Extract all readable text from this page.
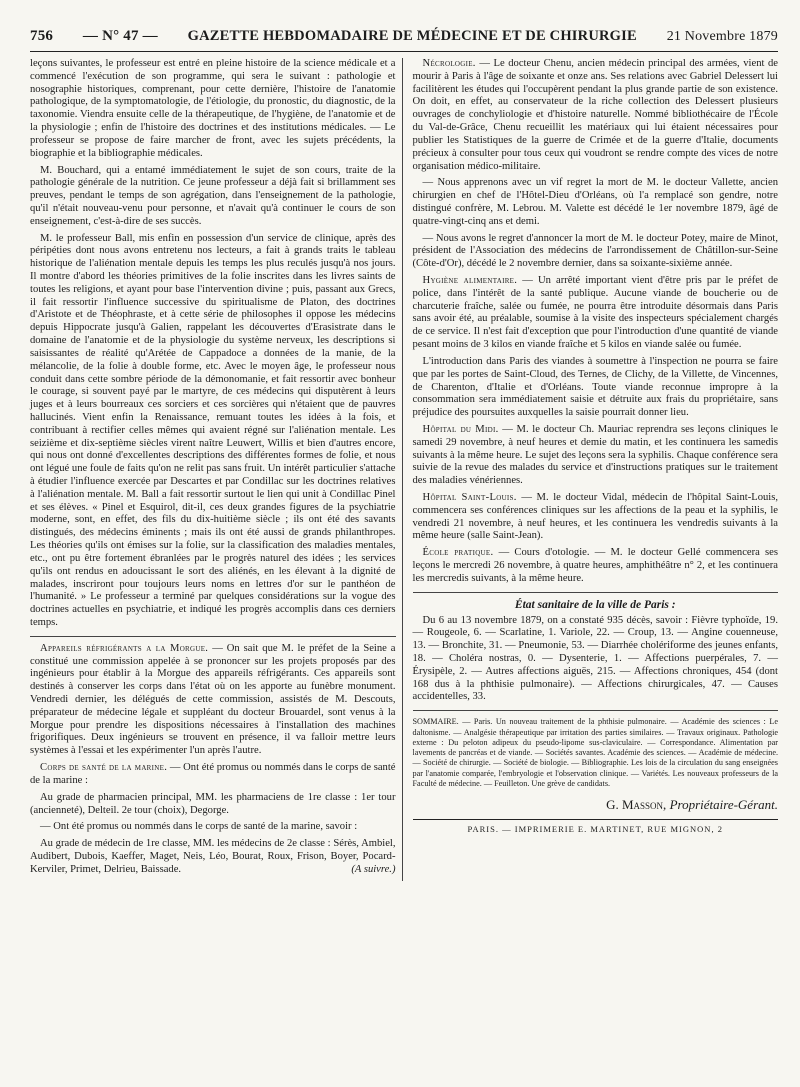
756 — N° 47 — GAZETTE HEBDOMADAIRE DE MÉDECINE ET DE CHIRURGIE 21 Novembre 1879

leçons suivantes, le professeur est entré en pleine histoire de la science médicale et a commencé l'exécution de son programme, qui sera le suivant : pathologie et nosographie historiques, comprenant, pour cette dernière, l'histoire de l'anatomie pathologique, de la symptomatologie, de l'étiologie, du pronostic, du diagnostic, de la taxonomie. Viendra ensuite celle de la thérapeutique, de l'hygiène, de l'anatomie et de la physiologie ; enfin de l'histoire des doctrines et des institutions médicales. — Le professeur se propose de faire marcher de front, avec les sujets précédents, la biographie et la bibliographie médicales.

M. Bouchard, qui a entamé immédiatement le sujet de son cours, traite de la pathologie générale de la nutrition. Ce jeune professeur a déjà fait si brillamment ses preuves, pendant le temps de son agrégation, dans l'enseignement de la pathologie, qu'il n'était nouveau-venu pour personne, et n'avait qu'à continuer le cours de son enseignement, c'est-à-dire de ses succès.

M. le professeur Ball, mis enfin en possession d'un service de clinique, après des péripéties dont nous avons entretenu nos lecteurs, a fait à grands traits le tableau historique de l'aliénation mentale depuis les temps les plus reculés jusqu'à nos jours. Il montre d'abord les théories primitives de la folie inscrites dans les livres saints de toutes les religions, et ayant pour base l'intervention divine ; puis, passant aux Grecs, il fait ressortir l'influence successive du spiritualisme de Platon, des doctrines d'Aristote et de Théophraste, et à cette série de philosophes il oppose les médecins depuis Hippocrate jusqu'à Galien, rappelant les découvertes d'Erasistrate dans le domaine de l'anatomie et de la physiologie du système nerveux, les descriptions si saisissantes de réalité qu'Arétée de Cappadoce a données de la manie, de la mélancolie, de la folie à double forme, etc. Avec le moyen âge, le professeur nous conduit dans cette sombre période de la démonomanie, et fait ressortir avec bonheur le courage, si souvent payé par le martyre, de ces médecins qui disputèrent à leurs juges et à leurs bourreaux ces sorciers et ces sorcières qui n'étaient que de pauvres hallucinés. Vient enfin la Renaissance, remuant toutes les idées à la fois, et contribuant à rectifier celles mêmes qui avaient régné sur l'aliénation mentale. Les seizième et dix-septième siècles virent naître Leuwert, Willis et bien d'autres encore, qui nous ont donné d'excellentes descriptions des différentes formes de folie, et nous ont légué une foule de faits qu'on ne relit pas sans fruit. Un intérêt particulier s'attache à étudier l'influence exercée par Descartes et par Condillac sur les doctrines relatives à l'aliénation mentale. M. Ball a fait ressortir surtout le lien qui unit à Condillac Pinel et ses élèves. « Pinel et Esquirol, dit-il, ces deux grandes figures de la psychiatrie moderne, sont, en effet, des fils du dix-huitième siècle ; ils ont été des savants distingués, des médecins éminents ; mais ils ont été aussi de grands philanthropes. Les théories qu'ils ont émises sur la folie, sur la classification des maladies mentales, etc., ont pu être fortement ébranlées par le progrès naturel des idées ; les services qu'ils ont rendus en adoucissant le sort des aliénés, en les élevant à la dignité de malades, inscriront pour toujours leurs noms en lettres d'or sur le panthéon de l'humanité. » Le professeur a terminé par quelques considérations sur la vogue des doctrines actuelles en psychiatrie, et indiqué les progrès accomplis dans ces derniers temps.

Appareils réfrigérants a la Morgue. — On sait que M. le préfet de la Seine a constitué une commission appelée à se prononcer sur les projets proposés par des ingénieurs pour établir à la Morgue des appareils réfrigérants. Ces appareils sont destinés à conserver les corps dans l'état où on les apporte au funèbre monument. Vendredi dernier, les délégués de cette commission, assistés de M. Descouts, préparateur de médecine légale et suppléant du docteur Brouardel, sont venus à la Morgue pour prendre les dispositions nécessaires à l'installation des machines frigorifiques. Deux ingénieurs se trouvent en présence, il va falloir mettre leurs systèmes à l'essai et les expérimenter l'un après l'autre.

Corps de santé de la marine. — Ont été promus ou nommés dans le corps de santé de la marine :

Au grade de pharmacien principal, MM. les pharmaciens de 1re classe : 1er tour (ancienneté), Delteil. 2e tour (choix), Degorge.

— Ont été promus ou nommés dans le corps de santé de la marine, savoir :

Au grade de médecin de 1re classe, MM. les médecins de 2e classe : Sérès, Ambiel, Audibert, Dubois, Kaeffer, Maget, Neis, Léo, Bourat, Roux, Frison, Boyer, Pocard-Kerviler, Primet, Delrieu, Baissade.	(A suivre.)

Nécrologie. — Le docteur Chenu, ancien médecin principal des armées, vient de mourir à Paris à l'âge de soixante et onze ans. Ses relations avec Gabriel Delessert lui facilitèrent les études qui l'occupèrent pendant la plus grande partie de son existence. On doit, en effet, au conservateur de la riche collection des Delessert plusieurs ouvrages de conchyliologie et d'histoire naturelle. Nommé bibliothécaire de l'École du Val-de-Grâce, Chenu recueillit les matériaux qui lui étaient nécessaires pour publier les Statistiques de la guerre de Crimée et de la guerre d'Italie, documents précieux à consulter pour tous ceux qui voudront se rendre compte des vices de notre organisation médico-militaire.

— Nous apprenons avec un vif regret la mort de M. le docteur Vallette, ancien chirurgien en chef de l'Hôtel-Dieu d'Orléans, où l'a remplacé son gendre, notre distingué confrère, M. Lebrou. M. Valette est décédé le 1er novembre 1879, âgé de quatre-vingt-cinq ans et demi.

— Nous avons le regret d'annoncer la mort de M. le docteur Potey, maire de Minot, président de l'Association des médecins de l'arrondissement de Châtillon-sur-Seine (Côte-d'Or), décédé le 2 novembre dernier, dans sa soixante-sixième année.

Hygiène alimentaire. — Un arrêté important vient d'être pris par le préfet de police, dans l'intérêt de la santé publique. Aucune viande de boucherie ou de charcuterie fraîche, salée ou fumée, ne pourra être introduite désormais dans Paris sans avoir été, au préalable, soumise à la visite des inspecteurs spécialement chargés de ce service. Il n'est fait d'exception que pour l'introduction d'une quantité de viande pesant moins de 3 kilos en viande fraîche et 5 kilos en viande salée ou fumée.

L'introduction dans Paris des viandes à soumettre à l'inspection ne pourra se faire que par les portes de Saint-Cloud, des Ternes, de Clichy, de la Villette, de Vincennes, de Charenton, d'Italie et d'Orléans. Toute viande reconnue impropre à la consommation sera immédiatement saisie et détruite aux frais du propriétaire, sans préjudice des poursuites auxquelles la saisie pourrait donner lieu.

Hôpital du Midi. — M. le docteur Ch. Mauriac reprendra ses leçons cliniques le samedi 29 novembre, à neuf heures et demie du matin, et les continuera les samedis suivants à la même heure. Le sujet des leçons sera la syphilis. Chaque conférence sera suivie de la revue des malades du service et d'instructions pratiques sur le traitement des maladies vénériennes.

Hôpital Saint-Louis. — M. le docteur Vidal, médecin de l'hôpital Saint-Louis, commencera ses conférences cliniques sur les affections de la peau et la syphilis, le vendredi 21 novembre, à neuf heures, et les continuera les vendredis suivants à la même heure (salle Saint-Jean).

École pratique. — Cours d'otologie. — M. le docteur Gellé commencera ses leçons le mercredi 26 novembre, à quatre heures, amphithéâtre n° 2, et les continuera les mercredis suivants, à la même heure.

État sanitaire de la ville de Paris :

Du 6 au 13 novembre 1879, on a constaté 935 décès, savoir : Fièvre typhoïde, 19. — Rougeole, 6. — Scarlatine, 1. Variole, 22. — Croup, 13. — Angine couenneuse, 13. — Bronchite, 31. — Pneumonie, 53. — Diarrhée cholériforme des jeunes enfants, 18. — Choléra nostras, 0. — Dysenterie, 1. — Affections puerpérales, 7. — Érysipèle, 2. — Autres affections aiguës, 215. — Affections chroniques, 454 (dont 168 dus à la phthisie pulmonaire). — Affections chirurgicales, 47. — Causes accidentelles, 33.

SOMMAIRE. — Paris. Un nouveau traitement de la phthisie pulmonaire. — Académie des sciences : Le daltonisme. — Analgésie thérapeutique par irritation des parties similaires. — Travaux originaux. Pathologie externe : Du peloton adipeux du pseudo-lipome sus-claviculaire. — Correspondance. Alimentation par lavements de pancréas et de viande. — Sociétés savantes. Académie des sciences. — Académie de médecine. — Société de chirurgie. — Société de biologie. — Bibliographie. Les lois de la circulation du sang enseignées par l'anatomie comparée, l'embryologie et l'observation clinique. — Variétés. Les nouveaux professeurs de la Faculté de médecine. — Feuilleton. Une grève de candidats.

G. Masson, Propriétaire-Gérant.
PARIS. — IMPRIMERIE E. MARTINET, RUE MIGNON, 2
